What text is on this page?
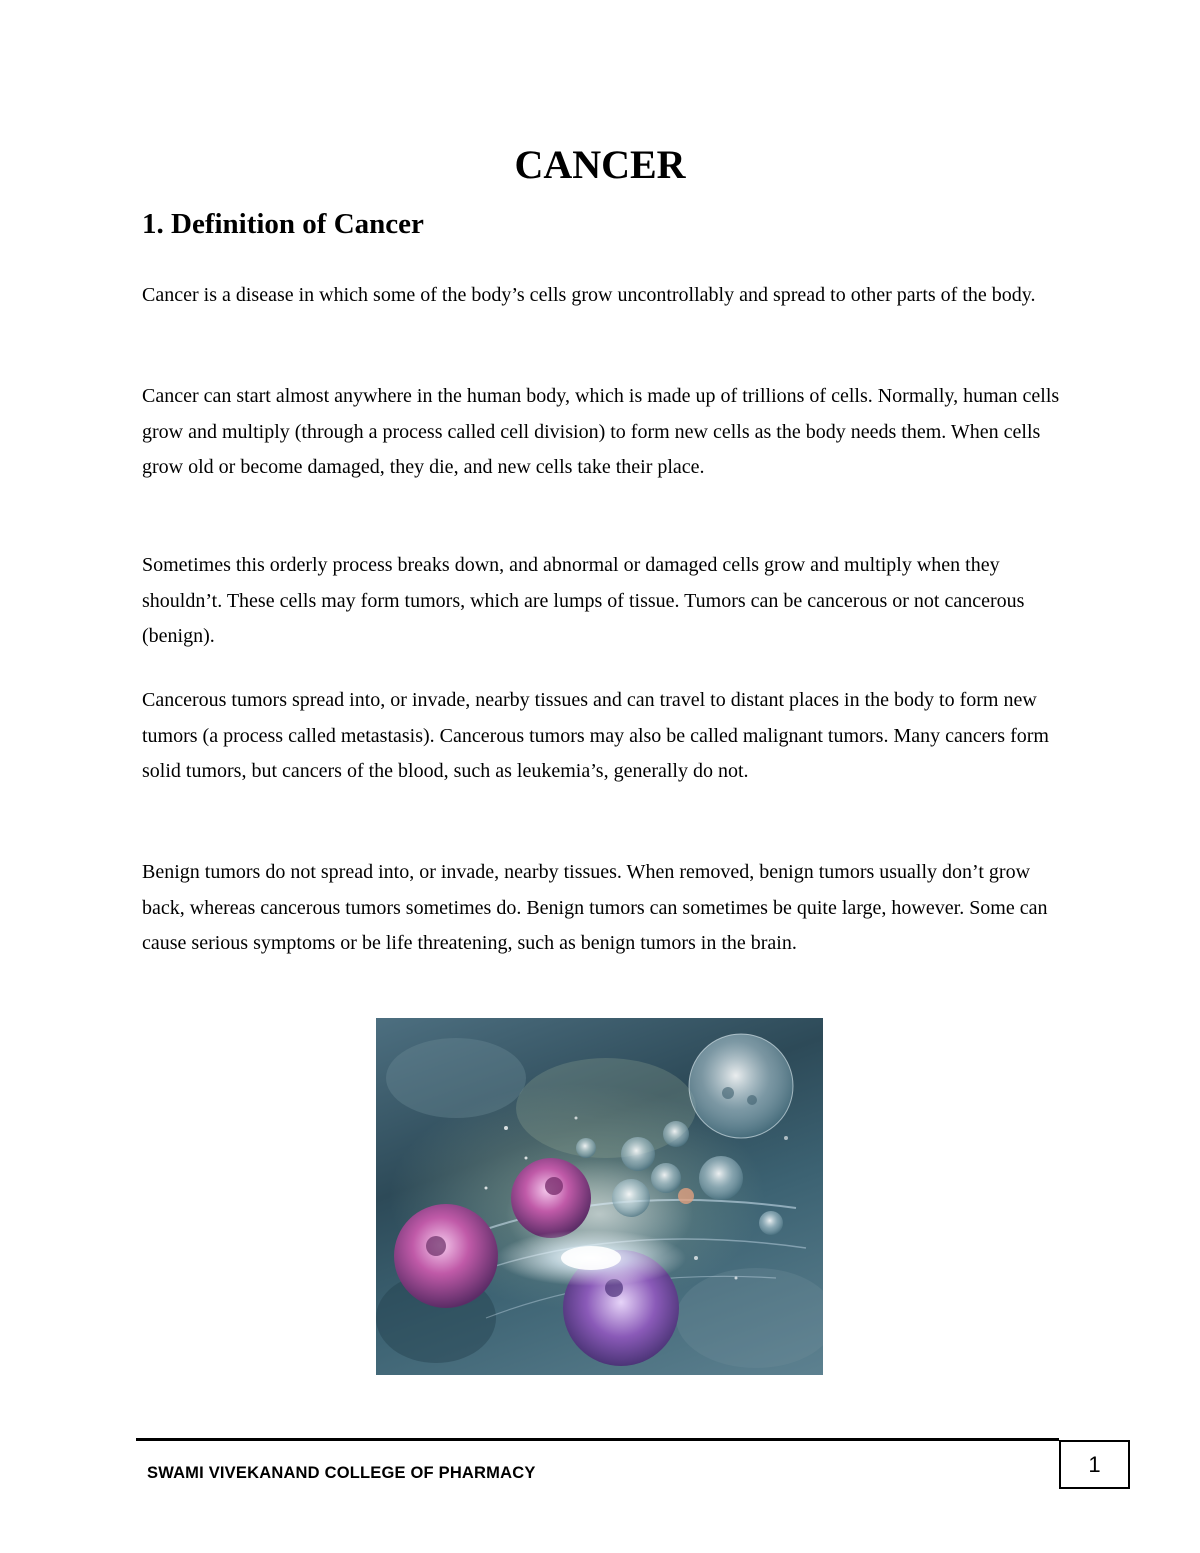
CANCER
1. Definition of Cancer

Cancer is a disease in which some of the body’s cells grow uncontrollably and spread to other parts of the body.

Cancer can start almost anywhere in the human body, which is made up of trillions of cells. Normally, human cells grow and multiply (through a process called cell division) to form new cells as the body needs them. When cells grow old or become damaged, they die, and new cells take their place.

Sometimes this orderly process breaks down, and abnormal or damaged cells grow and multiply when they shouldn’t. These cells may form tumors, which are lumps of tissue. Tumors can be cancerous or not cancerous (benign).

Cancerous tumors spread into, or invade, nearby tissues and can travel to distant places in the body to form new tumors (a process called metastasis). Cancerous tumors may also be called malignant tumors. Many cancers form solid tumors, but cancers of the blood, such as leukemia’s, generally do not.

Benign tumors do not spread into, or invade, nearby tissues. When removed, benign tumors usually don’t grow back, whereas cancerous tumors sometimes do. Benign tumors can sometimes be quite large, however. Some can cause serious symptoms or be life threatening, such as benign tumors in the brain.

SWAMI VIVEKANAND COLLEGE OF PHARMACY	1
